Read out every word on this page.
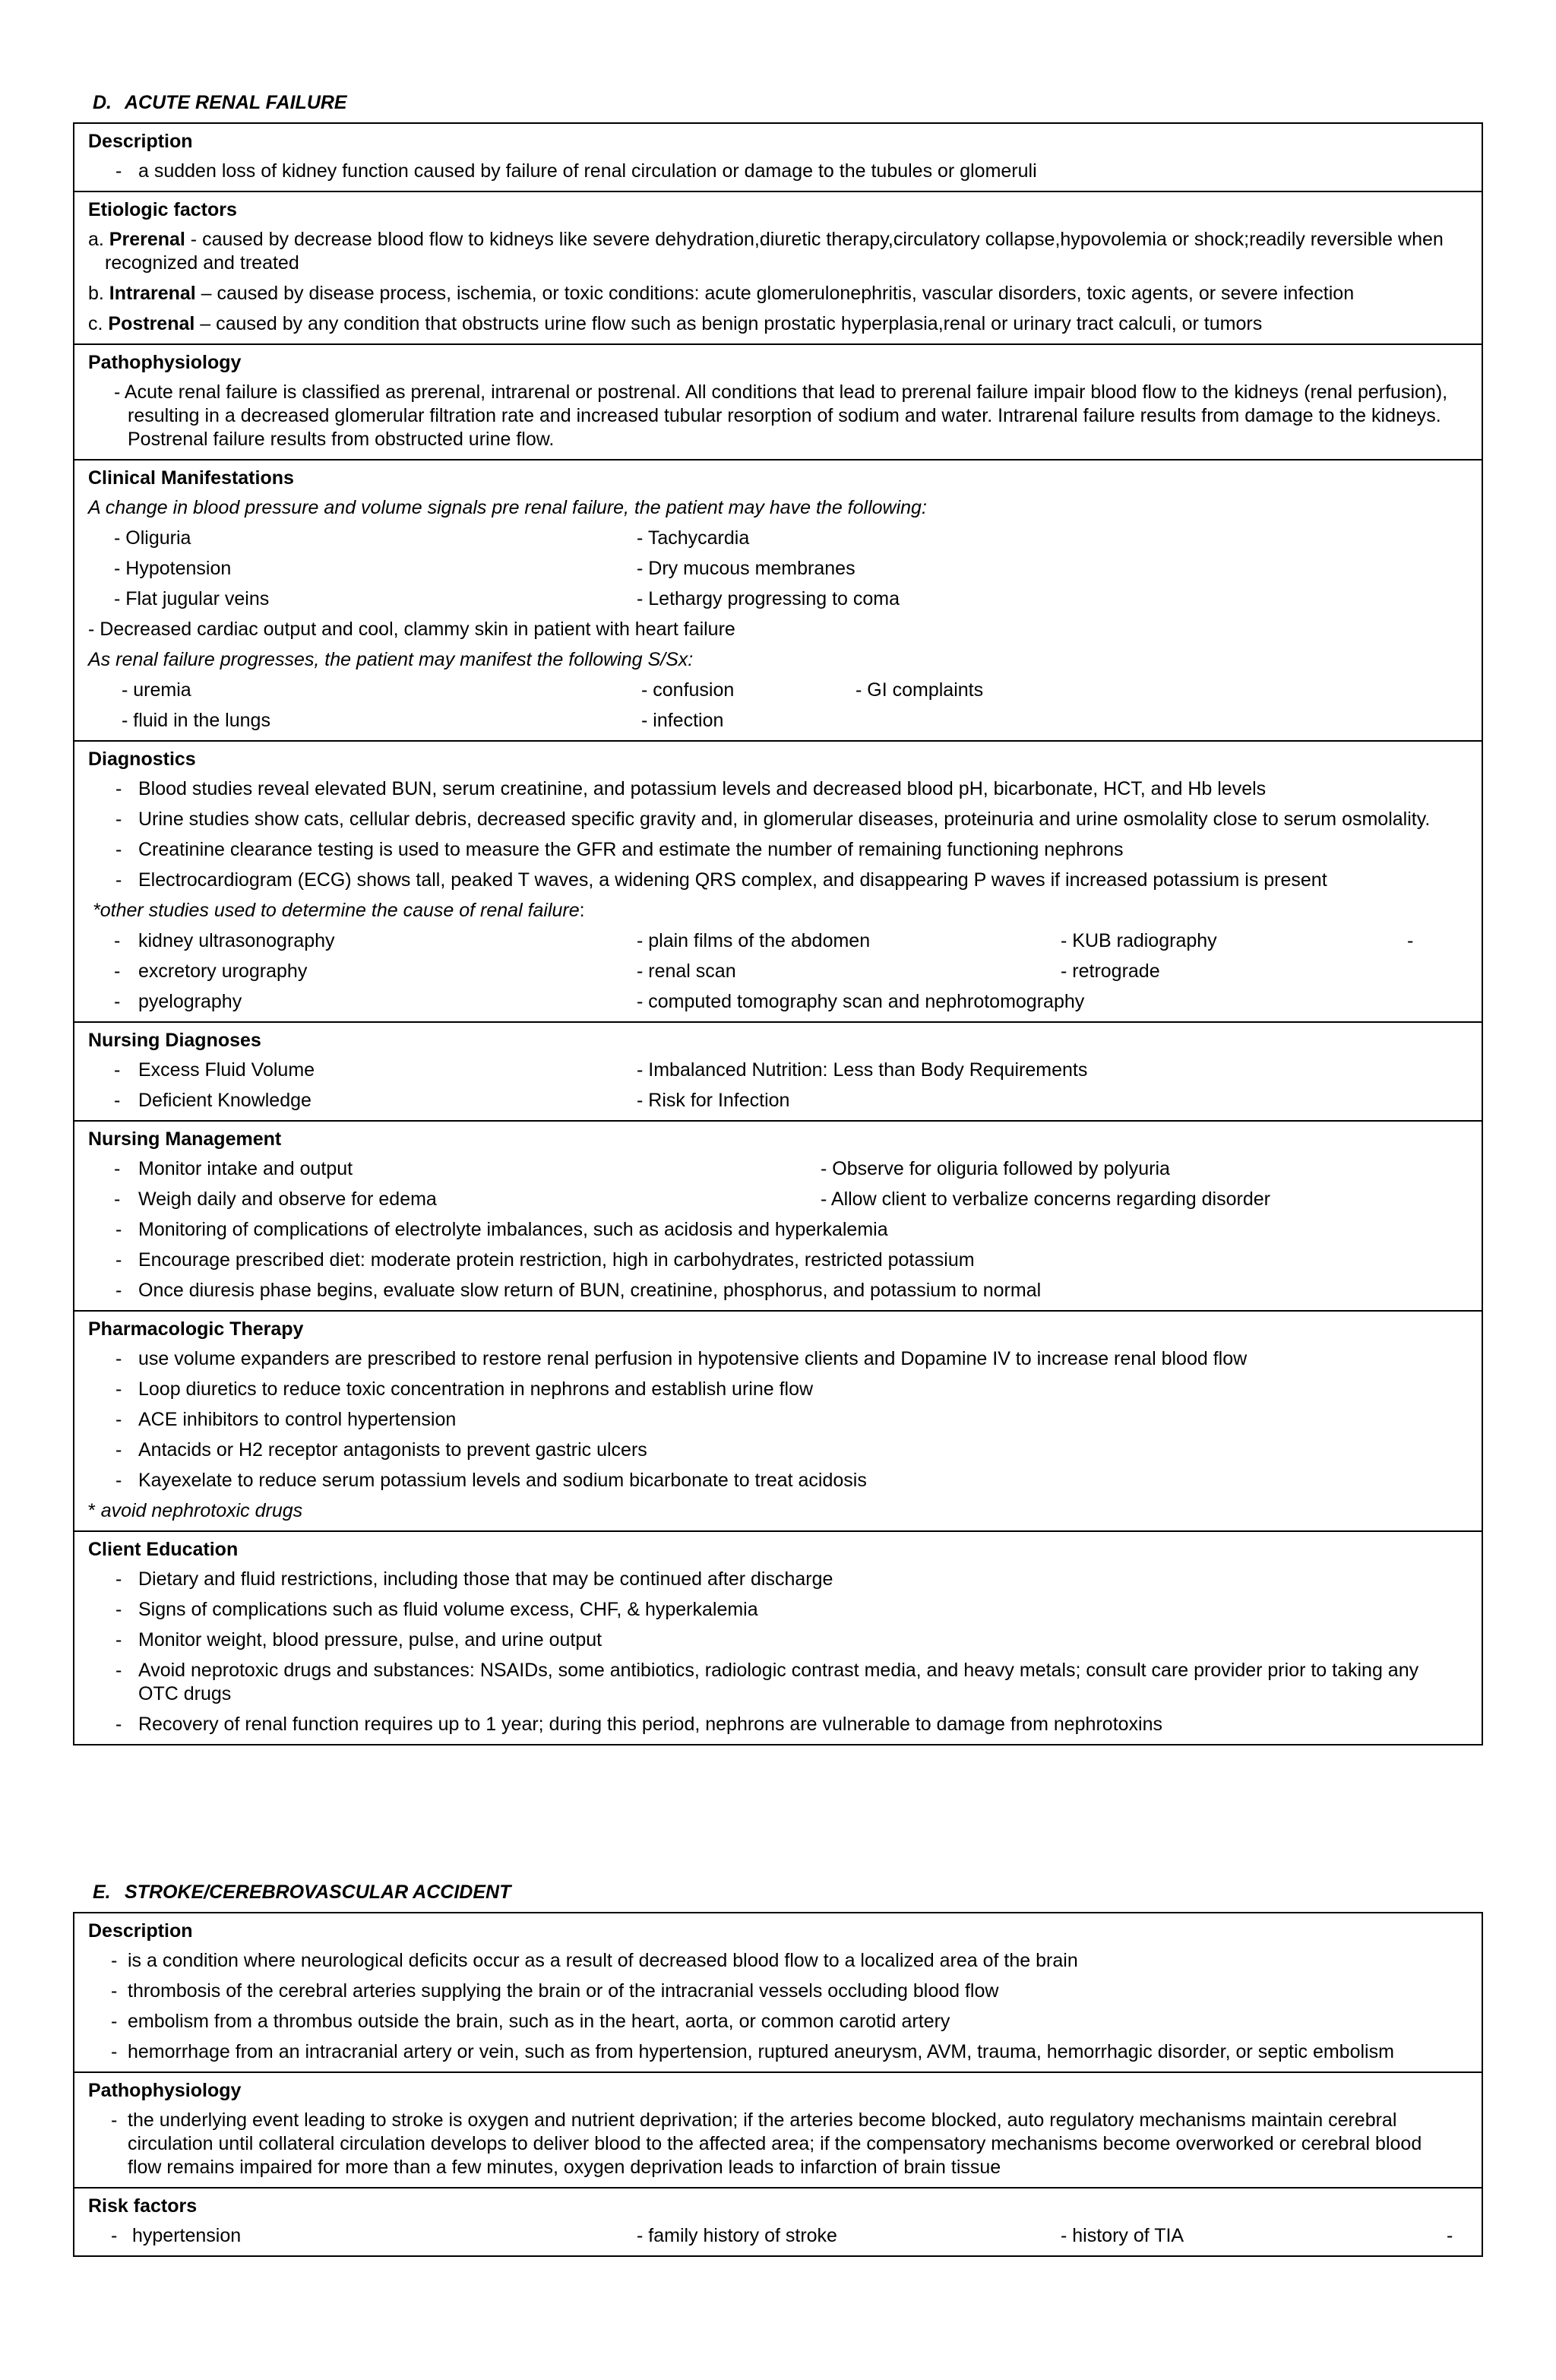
D. ACUTE RENAL FAILURE
Description
- a sudden loss of kidney function caused by failure of renal circulation or damage to the tubules or glomeruli
Etiologic factors
a. Prerenal - caused by decrease blood flow to kidneys like severe dehydration,diuretic therapy,circulatory collapse,hypovolemia or shock;readily reversible when recognized and treated
b. Intrarenal – caused by disease process, ischemia, or toxic conditions: acute glomerulonephritis, vascular disorders, toxic agents, or severe infection
c. Postrenal – caused by any condition that obstructs urine flow such as benign prostatic hyperplasia,renal or urinary tract calculi, or tumors
Pathophysiology
- Acute renal failure is classified as prerenal, intrarenal or postrenal. All conditions that lead to prerenal failure impair blood flow to the kidneys (renal perfusion), resulting in a decreased glomerular filtration rate and increased tubular resorption of sodium and water. Intrarenal failure results from damage to the kidneys. Postrenal failure results from obstructed urine flow.
Clinical Manifestations
A change in blood pressure and volume signals pre renal failure, the patient may have the following:
- Oliguria	- Tachycardia
- Hypotension	- Dry mucous membranes
- Flat jugular veins	- Lethargy progressing to coma
- Decreased cardiac output and cool, clammy skin in patient with heart failure
As renal failure progresses, the patient may manifest the following S/Sx:
- uremia	- confusion	- GI complaints
- fluid in the lungs	- infection
Diagnostics
- Blood studies reveal elevated BUN, serum creatinine, and potassium levels and decreased blood pH, bicarbonate, HCT, and Hb levels
- Urine studies show cats, cellular debris, decreased specific gravity and, in glomerular diseases, proteinuria and urine osmolality close to serum osmolality.
- Creatinine clearance testing is used to measure the GFR and estimate the number of remaining functioning nephrons
- Electrocardiogram (ECG) shows tall, peaked T waves, a widening QRS complex, and disappearing P waves if increased potassium is present
*other studies used to determine the cause of renal failure:
- kidney ultrasonography	- plain films of the abdomen	- KUB radiography	-
- excretory urography	- renal scan	- retrograde
- pyelography	- computed tomography scan and nephrotomography
Nursing Diagnoses
- Excess Fluid Volume	- Imbalanced Nutrition: Less than Body Requirements
- Deficient Knowledge	- Risk for Infection
Nursing Management
- Monitor intake and output	- Observe for oliguria followed by polyuria
- Weigh daily and observe for edema	- Allow client to verbalize concerns regarding disorder
- Monitoring of complications of electrolyte imbalances, such as acidosis and hyperkalemia
- Encourage prescribed diet: moderate protein restriction, high in carbohydrates, restricted potassium
- Once diuresis phase begins, evaluate slow return of BUN, creatinine, phosphorus, and potassium to normal
Pharmacologic Therapy
- use volume expanders are prescribed to restore renal perfusion in hypotensive clients and Dopamine IV to increase renal blood flow
- Loop diuretics to reduce toxic concentration in nephrons and establish urine flow
- ACE inhibitors to control hypertension
- Antacids or H2 receptor antagonists to prevent gastric ulcers
- Kayexelate to reduce serum potassium levels and sodium bicarbonate to treat acidosis
* avoid nephrotoxic drugs
Client Education
- Dietary and fluid restrictions, including those that may be continued after discharge
- Signs of complications such as fluid volume excess, CHF, & hyperkalemia
- Monitor weight, blood pressure, pulse, and urine output
- Avoid neprotoxic drugs and substances: NSAIDs, some antibiotics, radiologic contrast media, and heavy metals; consult care provider prior to taking any OTC drugs
- Recovery of renal function requires up to 1 year; during this period, nephrons are vulnerable to damage from nephrotoxins
E. STROKE/CEREBROVASCULAR ACCIDENT
Description
- is a condition where neurological deficits occur as a result of decreased blood flow to a localized area of the brain
- thrombosis of the cerebral arteries supplying the brain or of the intracranial vessels occluding blood flow
- embolism from a thrombus outside the brain, such as in the heart, aorta, or common carotid artery
- hemorrhage from an intracranial artery or vein, such as from hypertension, ruptured aneurysm, AVM, trauma, hemorrhagic disorder, or septic embolism
Pathophysiology
- the underlying event leading to stroke is oxygen and nutrient deprivation; if the arteries become blocked, auto regulatory mechanisms maintain cerebral circulation until collateral circulation develops to deliver blood to the affected area; if the compensatory mechanisms become overworked or cerebral blood flow remains impaired for more than a few minutes, oxygen deprivation leads to infarction of brain tissue
Risk factors
- hypertension	- family history of stroke	- history of TIA	-
